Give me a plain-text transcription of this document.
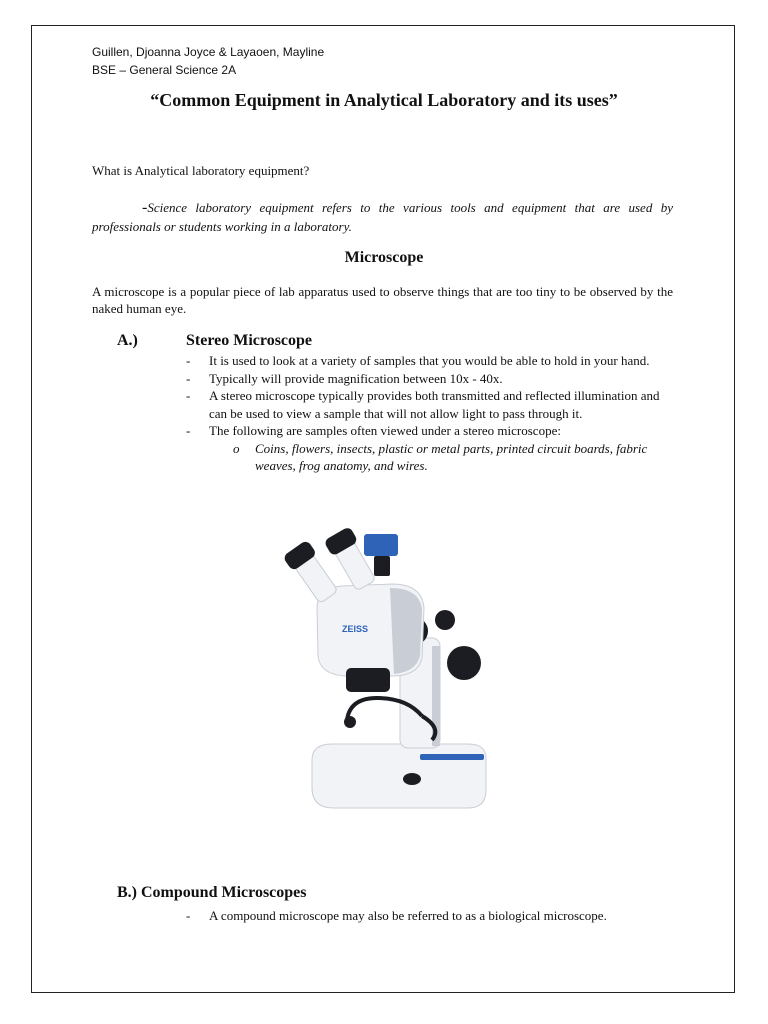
Guillen, Djoanna Joyce & Layaoen, Mayline
BSE – General Science 2A
“Common Equipment in Analytical Laboratory and its uses”
What is Analytical laboratory equipment?
-Science laboratory equipment refers to the various tools and equipment that are used by professionals or students working in a laboratory.
Microscope
A microscope is a popular piece of lab apparatus used to observe things that are too tiny to be observed by the naked human eye.
A.)	Stereo Microscope
- It is used to look at a variety of samples that you would be able to hold in your hand.
- Typically will provide magnification between 10x - 40x.
- A stereo microscope typically provides both transmitted and reflected illumination and can be used to view a sample that will not allow light to pass through it.
- The following are samples often viewed under a stereo microscope:
o Coins, flowers, insects, plastic or metal parts, printed circuit boards, fabric weaves, frog anatomy, and wires.
ZEISS
B.) Compound Microscopes
- A compound microscope may also be referred to as a biological microscope.
